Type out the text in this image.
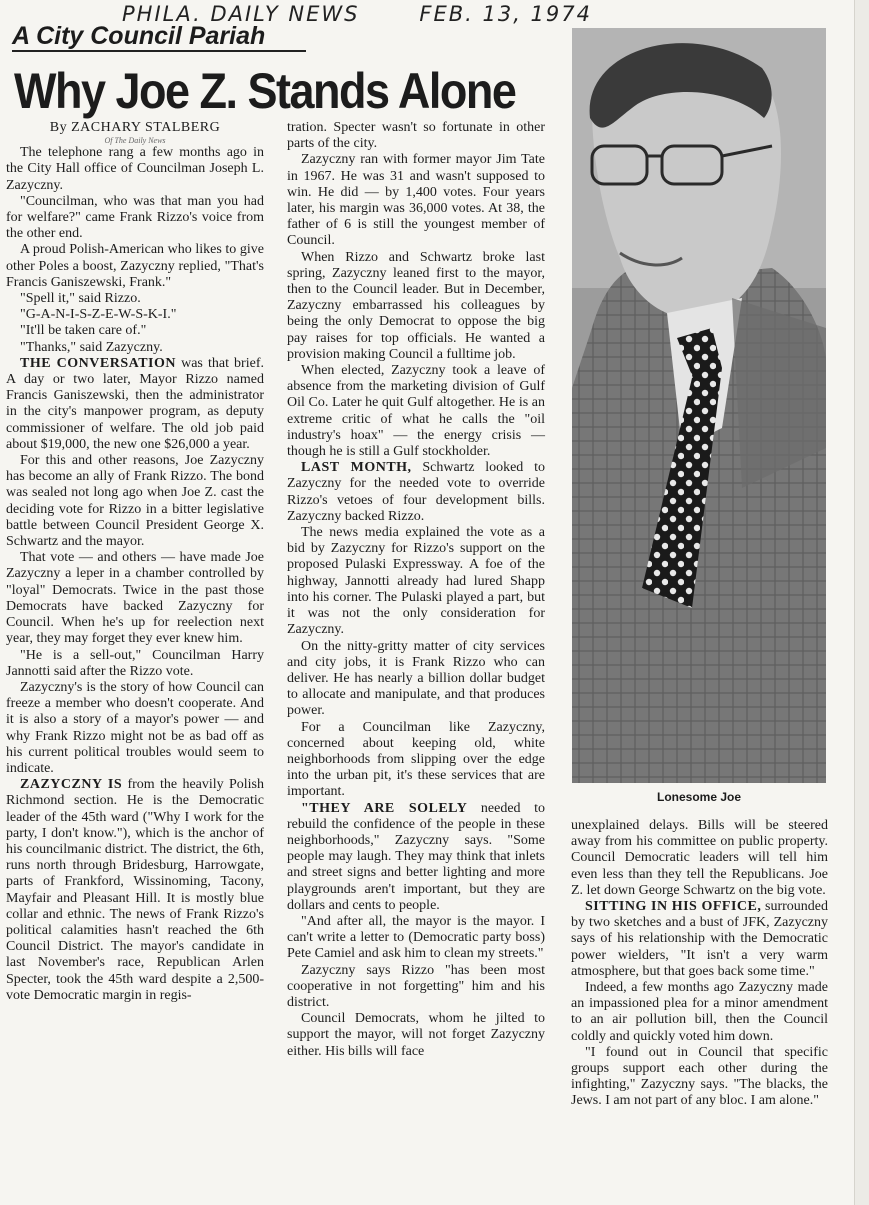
PHILA. DAILY NEWS	FEB. 13, 1974
A City Council Pariah
Why Joe Z. Stands Alone

By ZACHARY STALBERG

Of The Daily News

The telephone rang a few months ago in the City Hall office of Councilman Joseph L. Zazyczny.

"Councilman, who was that man you had for welfare?" came Frank Rizzo's voice from the other end.

A proud Polish-American who likes to give other Poles a boost, Zazyczny replied, "That's Francis Ganiszewski, Frank."

"Spell it," said Rizzo.

"G-A-N-I-S-Z-E-W-S-K-I."

"It'll be taken care of."

"Thanks," said Zazyczny.

THE CONVERSATION was that brief. A day or two later, Mayor Rizzo named Francis Ganiszewski, then the administrator in the city's manpower program, as deputy commissioner of welfare. The old job paid about $19,000, the new one $26,000 a year.

For this and other reasons, Joe Zazyczny has become an ally of Frank Rizzo. The bond was sealed not long ago when Joe Z. cast the deciding vote for Rizzo in a bitter legislative battle between Council President George X. Schwartz and the mayor.

That vote — and others — have made Joe Zazyczny a leper in a chamber controlled by "loyal" Democrats. Twice in the past those Democrats have backed Zazyczny for Council. When he's up for reelection next year, they may forget they ever knew him.

"He is a sell-out," Councilman Harry Jannotti said after the Rizzo vote.

Zazyczny's is the story of how Council can freeze a member who doesn't cooperate. And it is also a story of a mayor's power — and why Frank Rizzo might not be as bad off as his current political troubles would seem to indicate.

ZAZYCZNY IS from the heavily Polish Richmond section. He is the Democratic leader of the 45th ward ("Why I work for the party, I don't know."), which is the anchor of his councilmanic district. The district, the 6th, runs north through Bridesburg, Harrowgate, parts of Frankford, Wissinoming, Tacony, Mayfair and Pleasant Hill. It is mostly blue collar and ethnic. The news of Frank Rizzo's political calamities hasn't reached the 6th Council District. The mayor's candidate in last November's race, Republican Arlen Specter, took the 45th ward despite a 2,500-vote Democratic margin in regis-

tration. Specter wasn't so fortunate in other parts of the city.

Zazyczny ran with former mayor Jim Tate in 1967. He was 31 and wasn't supposed to win. He did — by 1,400 votes. Four years later, his margin was 36,000 votes. At 38, the father of 6 is still the youngest member of Council.

When Rizzo and Schwartz broke last spring, Zazyczny leaned first to the mayor, then to the Council leader. But in December, Zazyczny embarrassed his colleagues by being the only Democrat to oppose the big pay raises for top officials. He wanted a provision making Council a fulltime job.

When elected, Zazyczny took a leave of absence from the marketing division of Gulf Oil Co. Later he quit Gulf altogether. He is an extreme critic of what he calls the "oil industry's hoax" — the energy crisis — though he is still a Gulf stockholder.

LAST MONTH, Schwartz looked to Zazyczny for the needed vote to override Rizzo's vetoes of four development bills. Zazyczny backed Rizzo.

The news media explained the vote as a bid by Zazyczny for Rizzo's support on the proposed Pulaski Expressway. A foe of the highway, Jannotti already had lured Shapp into his corner. The Pulaski played a part, but it was not the only consideration for Zazyczny.

On the nitty-gritty matter of city services and city jobs, it is Frank Rizzo who can deliver. He has nearly a billion dollar budget to allocate and manipulate, and that produces power.

For a Councilman like Zazyczny, concerned about keeping old, white neighborhoods from slipping over the edge into the urban pit, it's these services that are important.

"THEY ARE SOLELY needed to rebuild the confidence of the people in these neighborhoods," Zazyczny says. "Some people may laugh. They may think that inlets and street signs and better lighting and more playgrounds aren't important, but they are dollars and cents to people.

"And after all, the mayor is the mayor. I can't write a letter to (Democratic party boss) Pete Camiel and ask him to clean my streets."

Zazyczny says Rizzo "has been most cooperative in not forgetting" him and his district.

Council Democrats, whom he jilted to support the mayor, will not forget Zazyczny either. His bills will face

Lonesome Joe

unexplained delays. Bills will be steered away from his committee on public property. Council Democratic leaders will tell him even less than they tell the Republicans. Joe Z. let down George Schwartz on the big vote.

SITTING IN HIS OFFICE, surrounded by two sketches and a bust of JFK, Zazyczny says of his relationship with the Democratic power wielders, "It isn't a very warm atmosphere, but that goes back some time."

Indeed, a few months ago Zazyczny made an impassioned plea for a minor amendment to an air pollution bill, then the Council coldly and quickly voted him down.

"I found out in Council that specific groups support each other during the infighting," Zazyczny says. "The blacks, the Jews. I am not part of any bloc. I am alone."
